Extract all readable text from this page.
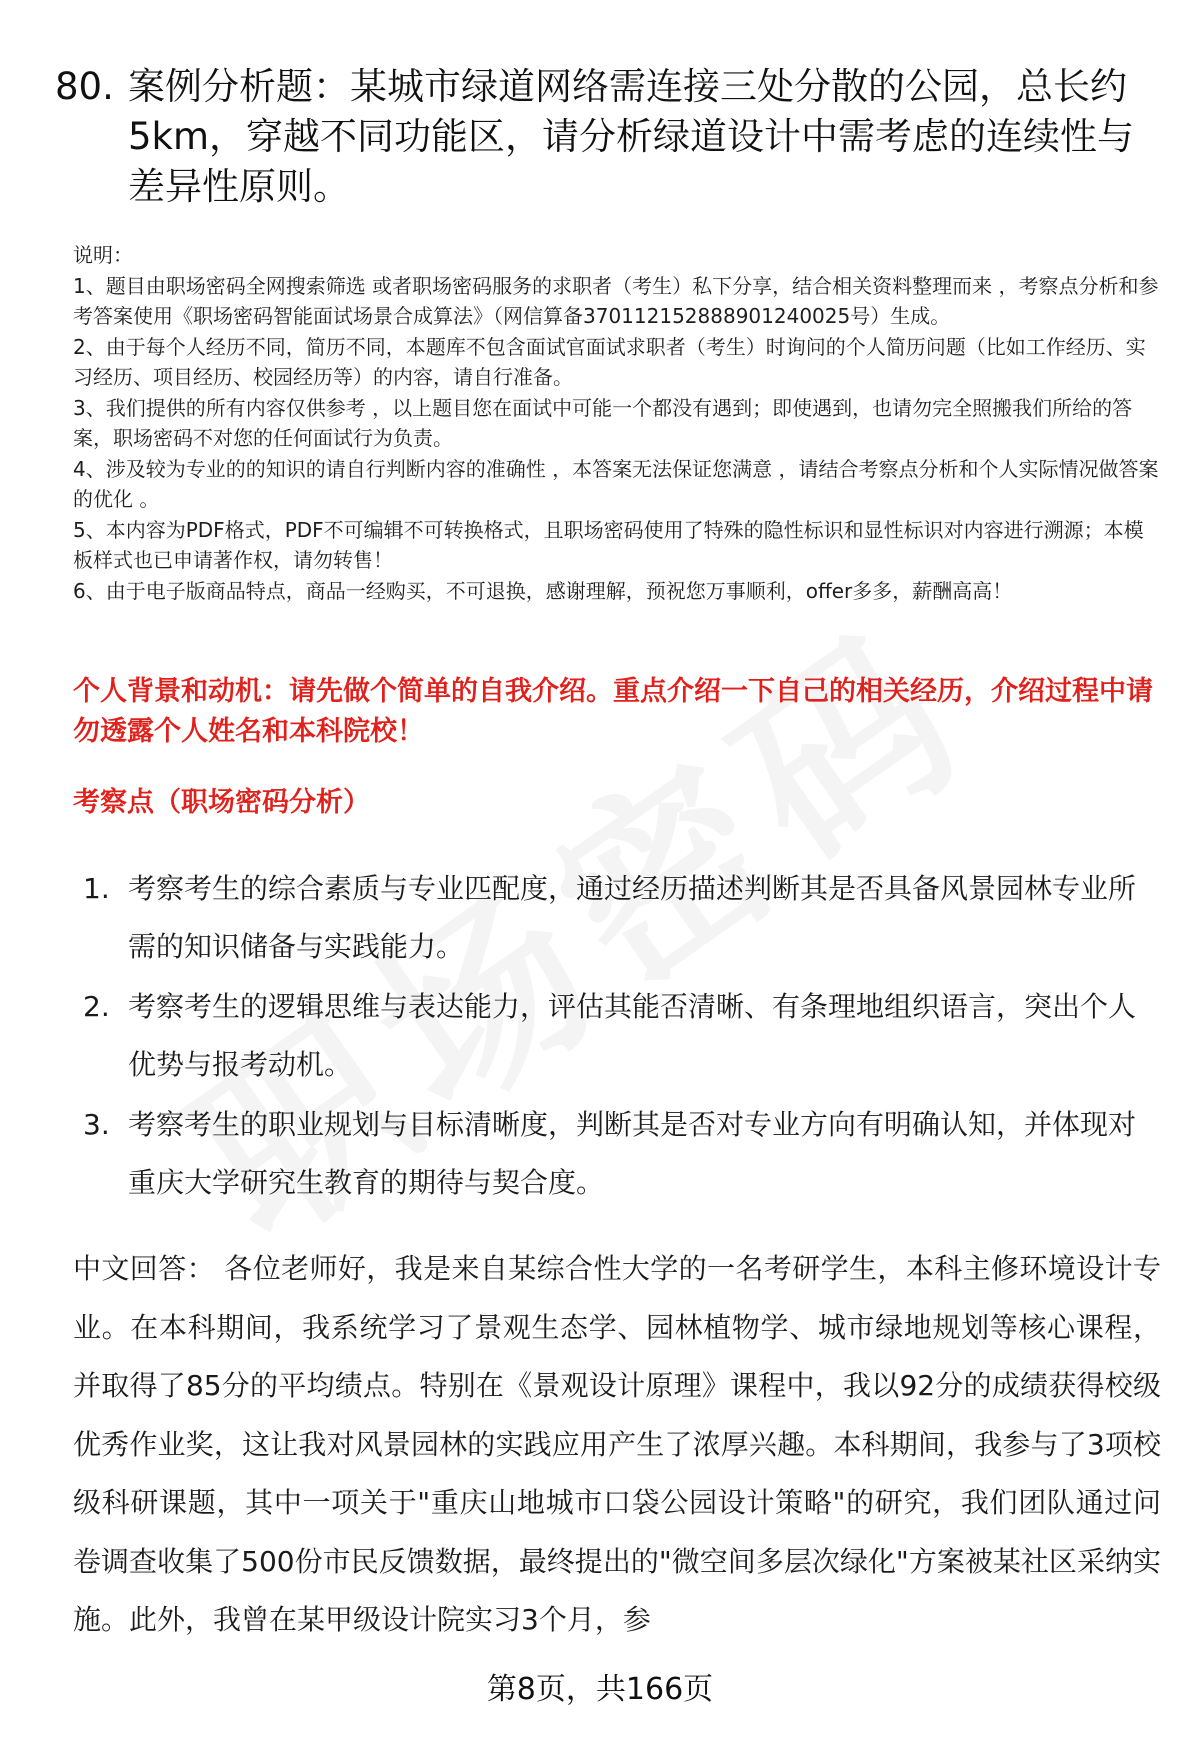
80. 案例分析题：某城市绿道网络需连接三处分散的公园，总长约5km，穿越不同功能区，请分析绿道设计中需考虑的连续性与差异性原则。
说明：
1、题目由职场密码全网搜索筛选 或者职场密码服务的求职者（考生）私下分享，结合相关资料整理而来 ，考察点分析和参考答案使用《职场密码智能面试场景合成算法》（网信算备370112152888901240025号）生成。
2、由于每个人经历不同，简历不同，本题库不包含面试官面试求职者（考生）时询问的个人简历问题（比如工作经历、实习经历、项目经历、校园经历等）的内容，请自行准备。
3、我们提供的所有内容仅供参考 ，以上题目您在面试中可能一个都没有遇到；即使遇到，也请勿完全照搬我们所给的答案，职场密码不对您的任何面试行为负责。
4、涉及较为专业的的知识的请自行判断内容的准确性 ，本答案无法保证您满意 ，请结合考察点分析和个人实际情况做答案的优化 。
5、本内容为PDF格式，PDF不可编辑不可转换格式，且职场密码使用了特殊的隐性标识和显性标识对内容进行溯源；本模板样式也已申请著作权，请勿转售！
6、由于电子版商品特点，商品一经购买，不可退换，感谢理解，预祝您万事顺利，offer多多，薪酬高高！
个人背景和动机：请先做个简单的自我介绍。重点介绍一下自己的相关经历，介绍过程中请勿透露个人姓名和本科院校！
考察点（职场密码分析）
1. 考察考生的综合素质与专业匹配度，通过经历描述判断其是否具备风景园林专业所需的知识储备与实践能力。
2. 考察考生的逻辑思维与表达能力，评估其能否清晰、有条理地组织语言，突出个人优势与报考动机。
3. 考察考生的职业规划与目标清晰度，判断其是否对专业方向有明确认知，并体现对重庆大学研究生教育的期待与契合度。
中文回答： 各位老师好，我是来自某综合性大学的一名考研学生，本科主修环境设计专业。在本科期间，我系统学习了景观生态学、园林植物学、城市绿地规划等核心课程，并取得了85分的平均绩点。特别在《景观设计原理》课程中，我以92分的成绩获得校级优秀作业奖，这让我对风景园林的实践应用产生了浓厚兴趣。本科期间，我参与了3项校级科研课题，其中一项关于"重庆山地城市口袋公园设计策略"的研究，我们团队通过问卷调查收集了500份市民反馈数据，最终提出的"微空间多层次绿化"方案被某社区采纳实施。此外，我曾在某甲级设计院实习3个月，参
第8页，共166页
